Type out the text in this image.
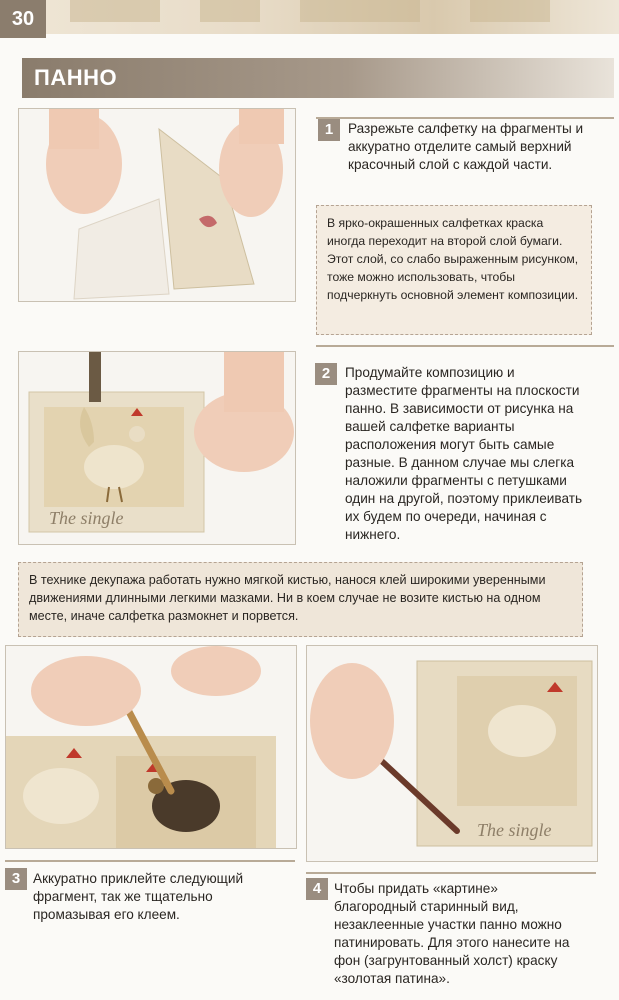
30
ПАННО
1	Разрежьте салфетку на фрагменты и аккуратно отделите самый верхний красочный слой с каждой части.
В ярко-окрашенных салфетках краска иногда переходит на второй слой бумаги. Этот слой, со слабо выраженным рисунком, тоже можно использовать, чтобы подчеркнуть основной элемент композиции.
The single
2	Продумайте композицию и разместите фрагменты на плоскости панно. В зависимости от рисунка на вашей салфетке варианты расположения могут быть самые разные. В данном случае мы слегка наложили фрагменты с петушками один на другой, поэтому приклеивать их будем по очереди, начиная с нижнего.
В технике декупажа работать нужно мягкой кистью, нанося клей широкими уверенными движениями длинными легкими мазками. Ни в коем случае не возите кистью на одном месте, иначе салфетка размокнет и порвется.
The single
3 Аккуратно приклейте следующий фрагмент, так же тщательно промазывая его клеем.
4 Чтобы придать «картине» благородный старинный вид, незаклеенные участки панно можно патинировать. Для этого нанесите на фон (загрунтованный холст) краску «золотая патина».
